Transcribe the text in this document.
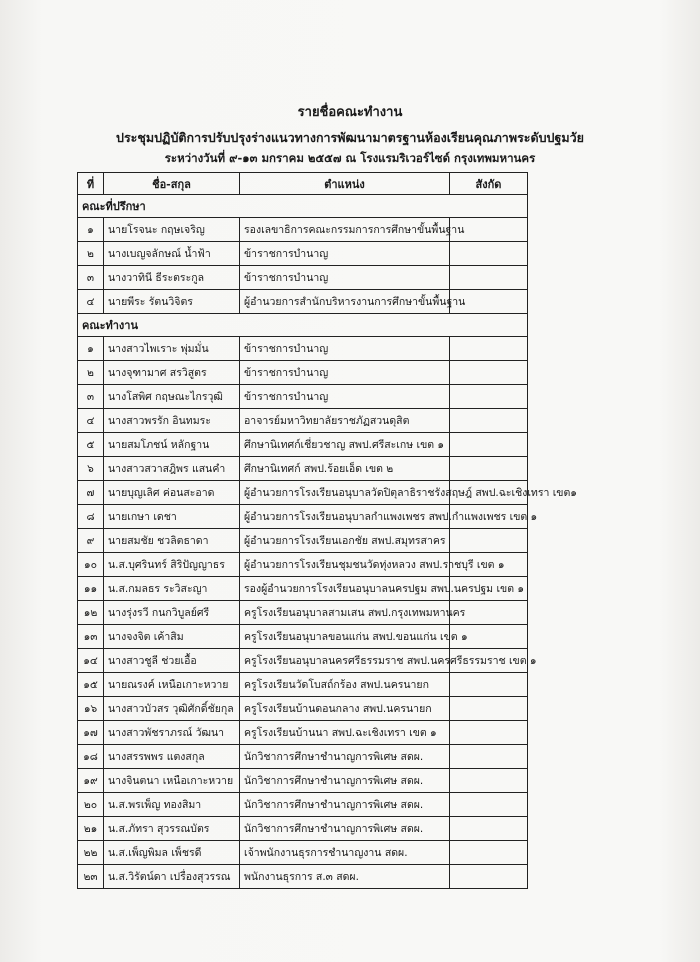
รายชื่อคณะทำงาน
ประชุมปฏิบัติการปรับปรุงร่างแนวทางการพัฒนามาตรฐานห้องเรียนคุณภาพระดับปฐมวัย
ระหว่างวันที่ ๙-๑๓ มกราคม ๒๕๕๗ ณ โรงแรมริเวอร์ไซด์ กรุงเทพมหานคร
ที่	ชื่อ-สกุล	ตำแหน่ง	สังกัด
คณะที่ปรึกษา			
๑	นายโรจนะ กฤษเจริญ	รองเลขาธิการคณะกรรมการการศึกษาขั้นพื้นฐาน	
๒	นางเบญจลักษณ์ น้ำฟ้า	ข้าราชการบำนาญ	
๓	นางวาทินี ธีระตระกูล	ข้าราชการบำนาญ	
๔	นายพีระ รัตนวิจิตร	ผู้อำนวยการสำนักบริหารงานการศึกษาขั้นพื้นฐาน	
คณะทำงาน			
๑	นางสาวไพเราะ พุ่มมั่น	ข้าราชการบำนาญ	
๒	นางจุฑามาศ สรวิสูตร	ข้าราชการบำนาญ	
๓	นางโสพิศ กฤษณะไกรวุฒิ	ข้าราชการบำนาญ	
๔	นางสาวพรรัก อินทมระ	อาจารย์มหาวิทยาลัยราชภัฏสวนดุสิต	
๕	นายสมโภชน์ หลักฐาน	ศึกษานิเทศก์เชี่ยวชาญ สพป.ศรีสะเกษ เขต ๑	
๖	นางสาวสวาสฎิพร แสนคำ	ศึกษานิเทศก์ สพป.ร้อยเอ็ด เขต ๒	
๗	นายบุญเลิศ ค่อนสะอาด	ผู้อำนวยการโรงเรียนอนุบาลวัดปิตุลาธิราชรังสฤษฎ์ สพป.ฉะเชิงเทรา เขต๑	
๘	นายเกษา เดชา	ผู้อำนวยการโรงเรียนอนุบาลกำแพงเพชร สพป.กำแพงเพชร เขต ๑	
๙	นายสมชัย ชวลิตธาดา	ผู้อำนวยการโรงเรียนเอกชัย สพป.สมุทรสาคร	
๑๐	น.ส.บุศรินทร์ สิริปัญญาธร	ผู้อำนวยการโรงเรียนชุมชนวัดทุ่งหลวง สพป.ราชบุรี เขต ๑	
๑๑	น.ส.กมลธร ระวิสะญา	รองผู้อำนวยการโรงเรียนอนุบาลนครปฐม สพป.นครปฐม เขต ๑	
๑๒	นางรุ่งรวี กนกวิบูลย์ศรี	ครูโรงเรียนอนุบาลสามเสน สพป.กรุงเทพมหานคร	
๑๓	นางจงจิต เค้าสิม	ครูโรงเรียนอนุบาลขอนแก่น สพป.ขอนแก่น เขต ๑	
๑๔	นางสาวชูลี ช่วยเอื้อ	ครูโรงเรียนอนุบาลนครศรีธรรมราช สพป.นครศรีธรรมราช เขต ๑	
๑๕	นายณรงค์ เหนือเกาะหวาย	ครูโรงเรียนวัดโบสถ์กร้อง สพป.นครนายก	
๑๖	นางสาวบัวสร วุฒิศักดิ์ชัยกุล	ครูโรงเรียนบ้านดอนกลาง สพป.นครนายก	
๑๗	นางสาวพัชราภรณ์ วัฒนา	ครูโรงเรียนบ้านนา สพป.ฉะเชิงเทรา เขต ๑	
๑๘	นางสรรพพร แตงสกุล	นักวิชาการศึกษาชำนาญการพิเศษ สดผ.	
๑๙	นางจินตนา เหนือเกาะหวาย	นักวิชาการศึกษาชำนาญการพิเศษ สดผ.	
๒๐	น.ส.พรเพ็ญ ทองสิมา	นักวิชาการศึกษาชำนาญการพิเศษ สดผ.	
๒๑	น.ส.ภัทรา สุวรรณบัตร	นักวิชาการศึกษาชำนาญการพิเศษ สดผ.	
๒๒	น.ส.เพ็ญพิมล เพ็ชรดี	เจ้าพนักงานธุรการชำนาญงาน สดผ.	
๒๓	น.ส.วิรัตน์ดา เปรื่องสุวรรณ	พนักงานธุรการ ส.๓ สดผ.	
